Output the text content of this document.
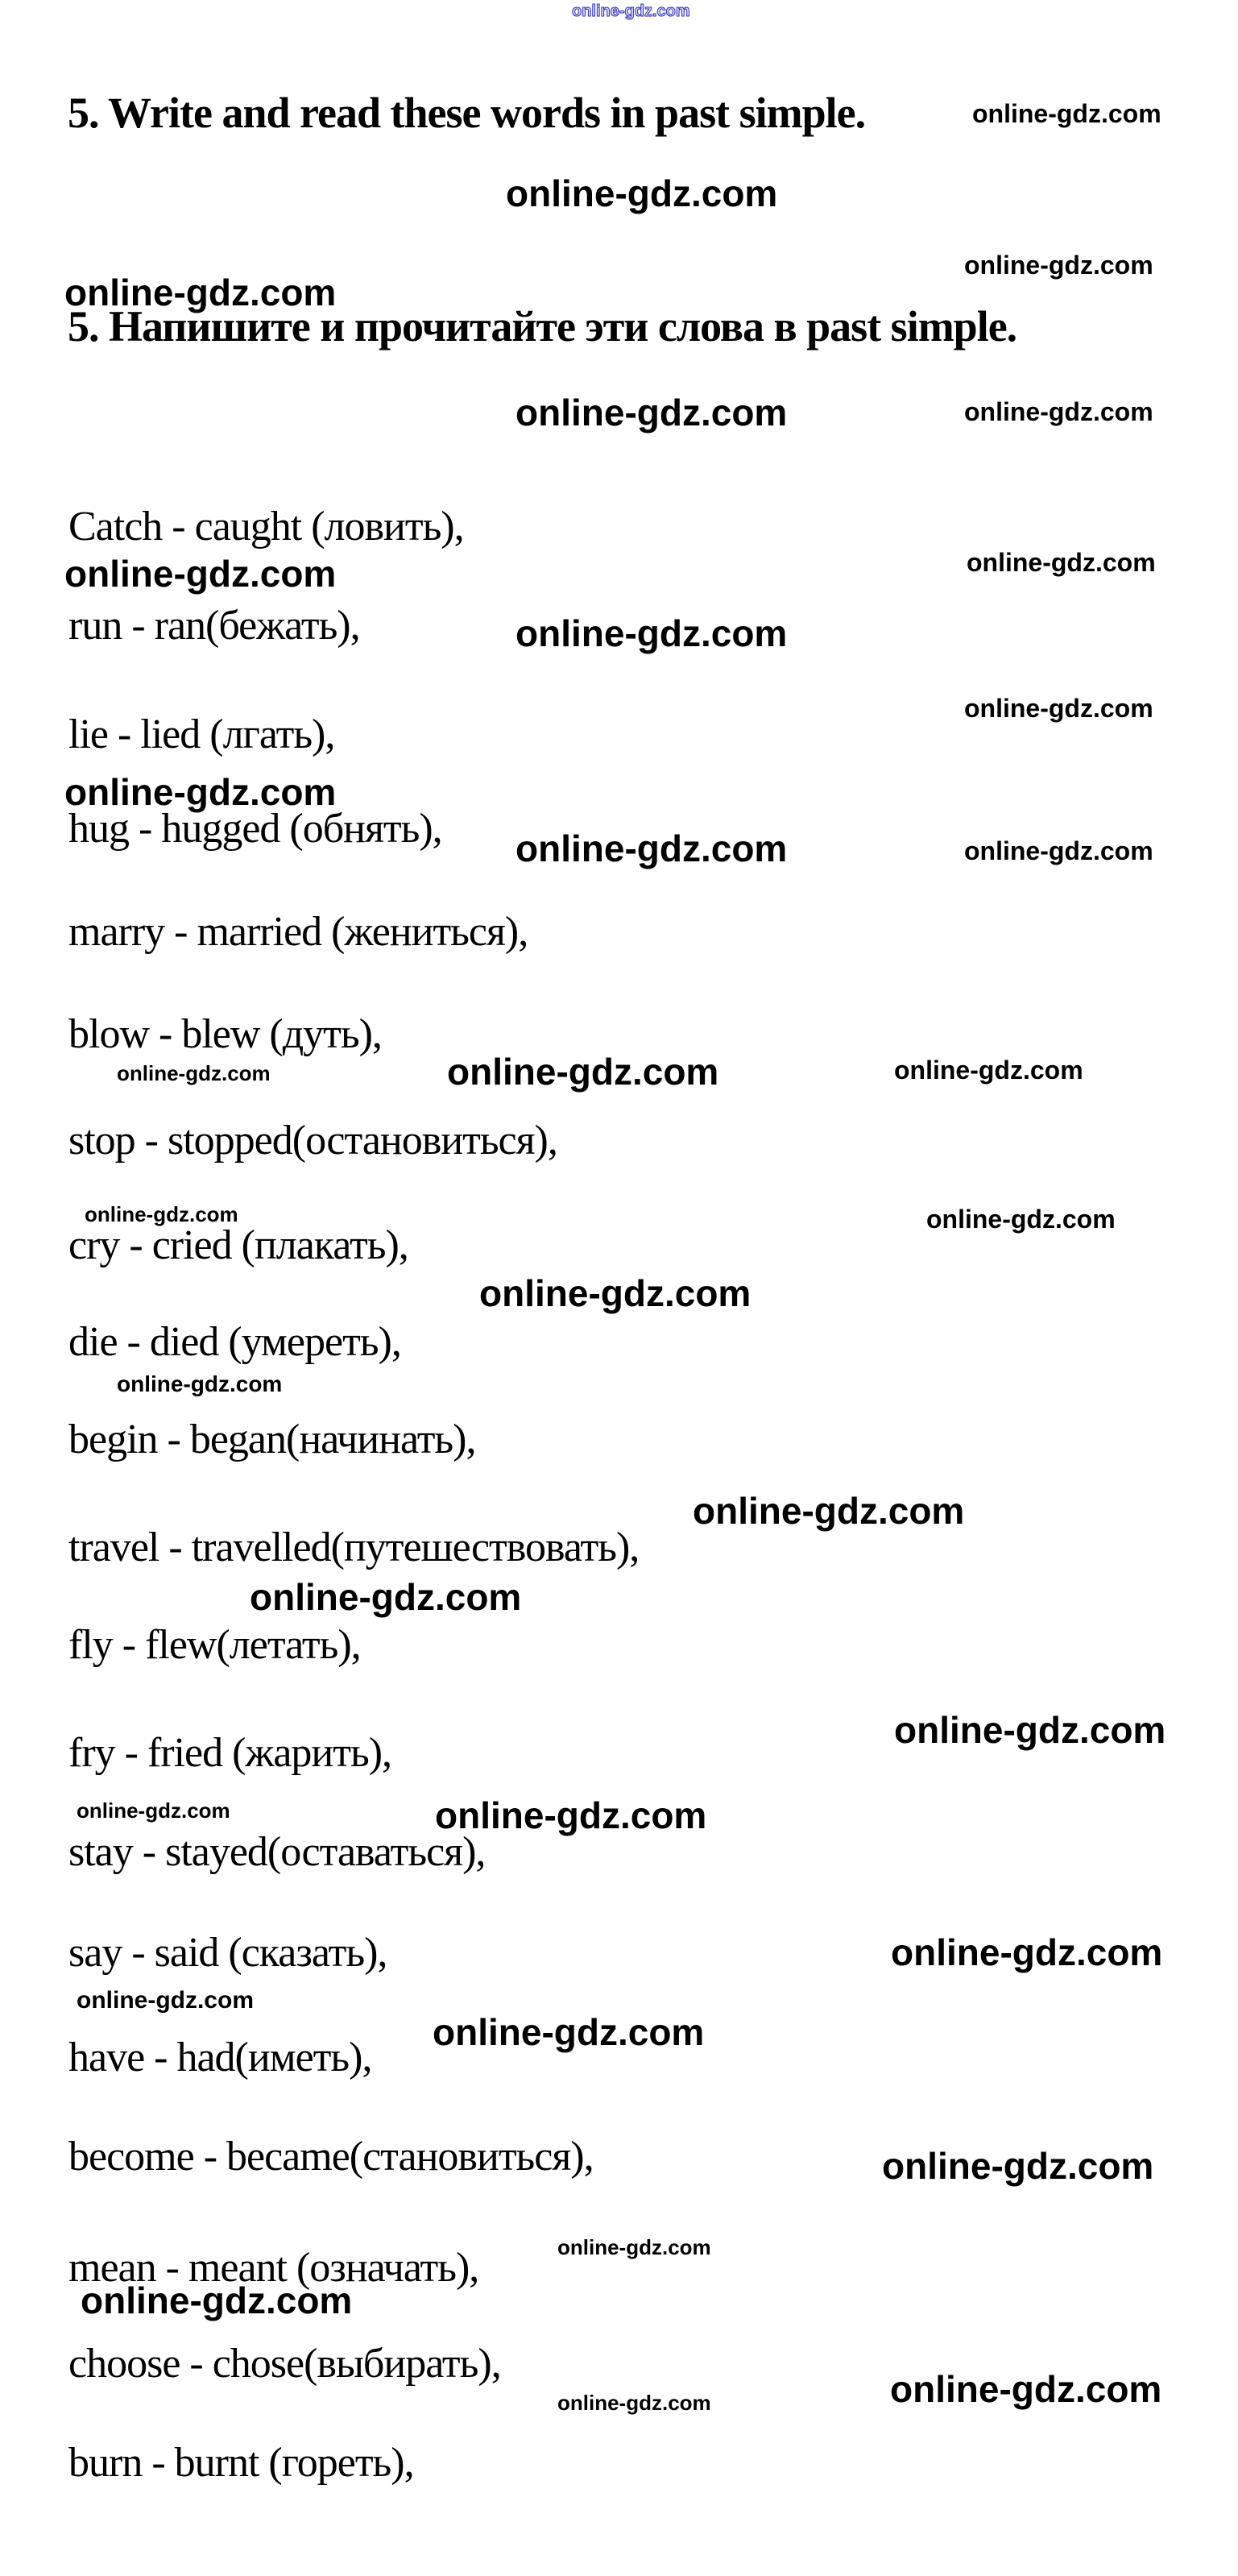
online-gdz.com
5. Write and read these words in past simple.
5. Напишите и прочитайте эти слова в past simple.
Catch - caught (ловить),
run - ran(бежать),
lie - lied (лгать),
hug - hugged (обнять),
marry - married (жениться),
blow - blew (дуть),
stop - stopped(остановиться),
cry - cried (плакать),
die - died (умереть),
begin - began(начинать),
travel - travelled(путешествовать),
fly - flew(летать),
fry - fried (жарить),
stay - stayed(оставаться),
say - said (сказать),
have - had(иметь),
become - became(становиться),
mean - meant (означать),
choose - chose(выбирать),
burn - burnt (гореть),
online-gdz.com
online-gdz.com
online-gdz.com
online-gdz.com
online-gdz.com	online-gdz.com
online-gdz.com
online-gdz.com
online-gdz.com
online-gdz.com
online-gdz.com
online-gdz.com	online-gdz.com
online-gdz.com	online-gdz.com	online-gdz.com
online-gdz.com	online-gdz.com
online-gdz.com
online-gdz.com
online-gdz.com
online-gdz.com
online-gdz.com
online-gdz.com	online-gdz.com
online-gdz.com
online-gdz.com
online-gdz.com
online-gdz.com
online-gdz.com
online-gdz.com
online-gdz.com
online-gdz.com
